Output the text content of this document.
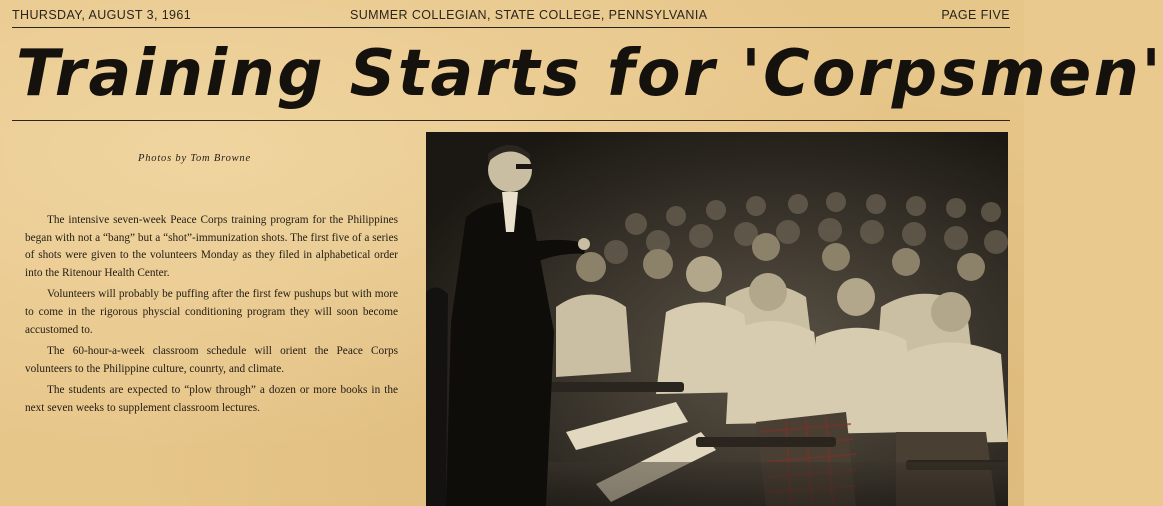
THURSDAY, AUGUST 3, 1961	SUMMER COLLEGIAN, STATE COLLEGE, PENNSYLVANIA	PAGE FIVE
Training Starts for 'Corpsmen'
Photos by Tom Browne

The intensive seven-week Peace Corps training program for the Philippines began with not a “bang” but a “shot”-immunization shots. The first five of a series of shots were given to the volunteers Monday as they filed in alphabetical order into the Ritenour Health Center.

Volunteers will probably be puffing after the first few pushups but with more to come in the rigorous physcial conditioning program they will soon become accustomed to.

The 60-hour-a-week classroom schedule will orient the Peace Corps volunteers to the Philippine culture, counrty, and climate.

The students are expected to “plow through” a dozen or more books in the next seven weeks to supplement classroom lectures.
